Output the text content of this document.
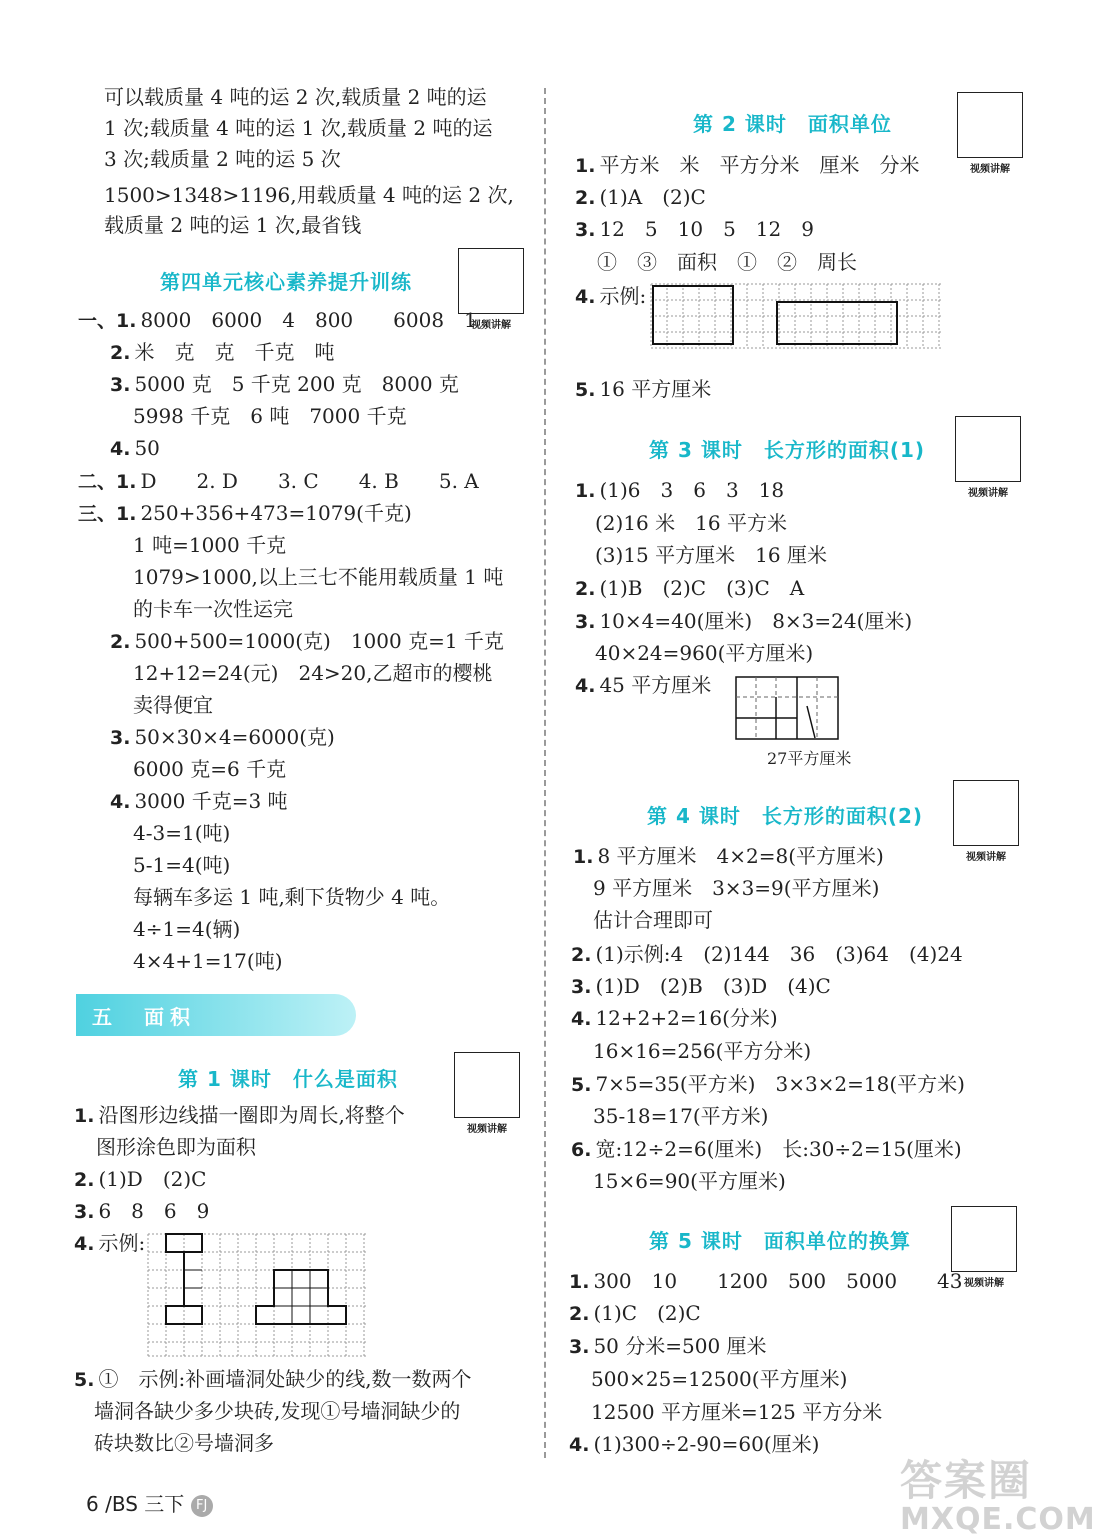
可以载质量 4 吨的运 2 次,载质量 2 吨的运
1 次;载质量 4 吨的运 1 次,载质量 2 吨的运
3 次;载质量 2 吨的运 5 次
1500>1348>1196,用载质量 4 吨的运 2 次,
载质量 2 吨的运 1 次,最省钱
第四单元核心素养提升训练
视频讲解
一、1. 8000　6000　4　800　　6008　1
2. 米　克　克　千克　吨
3. 5000 克　5 千克 200 克　8000 克
5998 千克　6 吨　7000 千克
4. 50
二、1. D　　2. D　　3. C　　4. B　　5. A
三、1. 250+356+473=1079(千克)
1 吨=1000 千克
1079>1000,以上三七不能用载质量 1 吨
的卡车一次性运完
2. 500+500=1000(克)　1000 克=1 千克
12+12=24(元)　24>20,乙超市的樱桃
卖得便宜
3. 50×30×4=6000(克)
6000 克=6 千克
4. 3000 千克=3 吨
4-3=1(吨)
5-1=4(吨)
每辆车多运 1 吨,剩下货物少 4 吨。
4÷1=4(辆)
4×4+1=17(吨)
五　面积
第 1 课时　什么是面积
视频讲解
1. 沿图形边线描一圈即为周长,将整个
图形涂色即为面积
2. (1)D　(2)C
3. 6　8　6　9
4. 示例:
5. ①　示例:补画墙洞处缺少的线,数一数两个
墙洞各缺少多少块砖,发现①号墙洞缺少的
砖块数比②号墙洞多
第 2 课时　面积单位
视频讲解
1. 平方米　米　平方分米　厘米　分米
2. (1)A　(2)C
3. 12　5　10　5　12　9
①　③　面积　①　②　周长
4. 示例:
5. 16 平方厘米
第 3 课时　长方形的面积(1)
视频讲解
1. (1)6　3　6　3　18
(2)16 米　16 平方米
(3)15 平方厘米　16 厘米
2. (1)B　(2)C　(3)C　A
3. 10×4=40(厘米)　8×3=24(厘米)
40×24=960(平方厘米)
4. 45 平方厘米
27平方厘米
第 4 课时　长方形的面积(2)
视频讲解
1. 8 平方厘米　4×2=8(平方厘米)
9 平方厘米　3×3=9(平方厘米)
估计合理即可
2. (1)示例:4　(2)144　36　(3)64　(4)24
3. (1)D　(2)B　(3)D　(4)C
4. 12+2+2=16(分米)
16×16=256(平方分米)
5. 7×5=35(平方米)　3×3×2=18(平方米)
35-18=17(平方米)
6. 宽:12÷2=6(厘米)　长:30÷2=15(厘米)
15×6=90(平方厘米)
第 5 课时　面积单位的换算
视频讲解
1. 300　10　　1200　500　5000　　43
2. (1)C　(2)C
3. 50 分米=500 厘米
500×25=12500(平方厘米)
12500 平方厘米=125 平方分米
4. (1)300÷2-90=60(厘米)
6 /BS 三下 FJ	答案圈
MXQE.COM
